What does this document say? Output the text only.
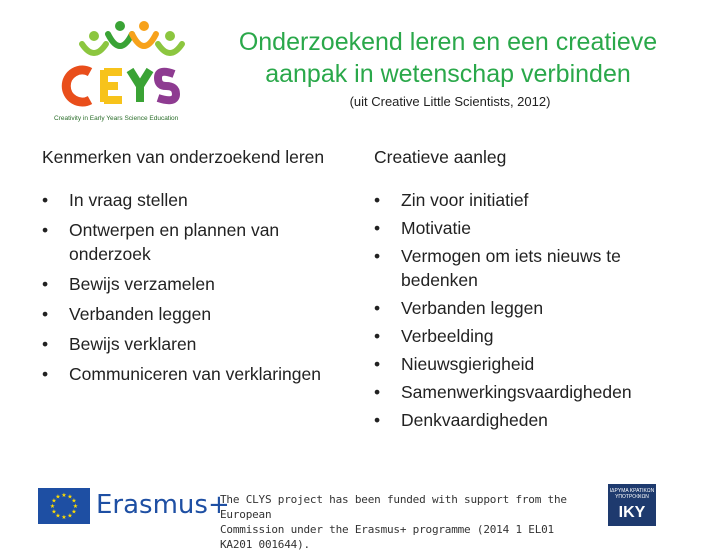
Creativity in Early Years Science Education
Onderzoekend leren en een creatieve aanpak in wetenschap verbinden
(uit Creative Little Scientists, 2012)
Kenmerken van onderzoekend leren
• In vraag stellen
• Ontwerpen en plannen van onderzoek
• Bewijs verzamelen
• Verbanden leggen
• Bewijs verklaren
• Communiceren van verklaringen
Creatieve aanleg
• Zin voor initiatief
• Motivatie
• Vermogen om iets nieuws te bedenken
• Verbanden leggen
• Verbeelding
• Nieuwsgierigheid
• Samenwerkingsvaardigheden
• Denkvaardigheden
★ ★
★
★
★
★
★
★
★
★
★
★ Erasmus+
The CLYS project has been funded with support from the European
Commission under the Erasmus+ programme (2014 1 EL01 KA201 001644).
ΙΔΡΥΜΑ ΚΡΑΤΙΚΩΝ ΥΠΟΤΡΟΦΙΩΝ
IKY
